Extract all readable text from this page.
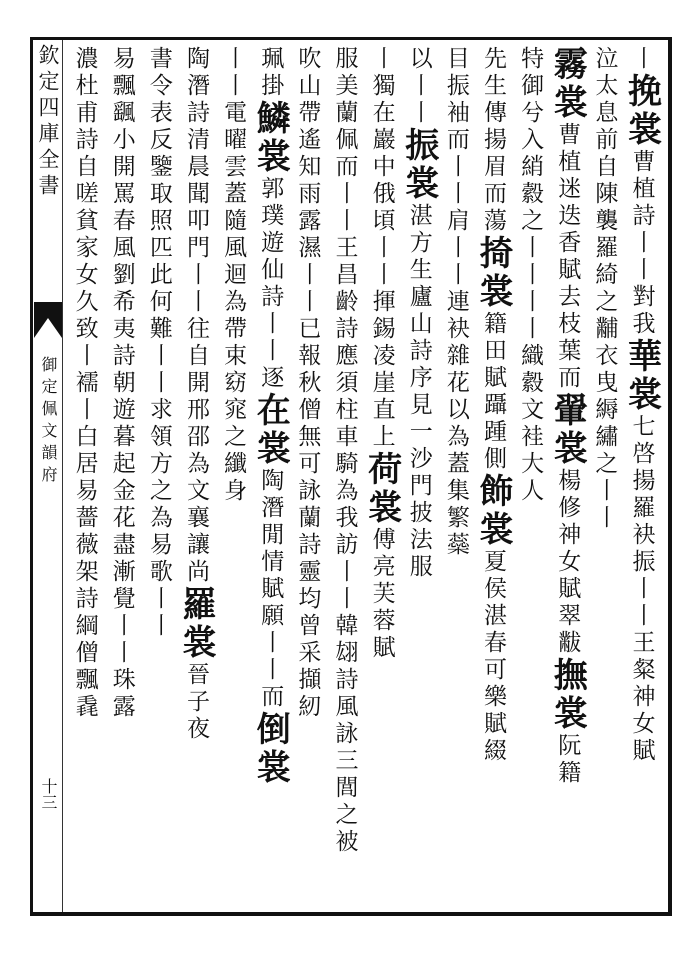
欽定四庫全書
御定佩文韻府
十三
丨挽裳曹植詩丨丨對我華裳七啓揚羅袂振丨丨王粲神女賦
泣太息前自陳襲羅綺之黼衣曳縟繡之丨丨
霧裳曹植迷迭香賦去枝葉而翬裳楊修神女賦翠黻撫裳阮籍
特御兮入綃縠之丨丨丨丨織縠文袿大人
先生傳揚眉而蕩掎裳籍田賦躡踵側飾裳夏侯湛春可樂賦綴
目振袖而丨丨肩丨丨連袂雜花以為蓋集繁蘂
以丨丨振裳湛方生廬山詩序見一沙門披法服
丨獨在巖中俄頃丨丨揮錫凌崖直上荷裳傅亮芙蓉賦
服美蘭佩而丨丨王昌齡詩應須柱車騎為我訪丨丨韓翃詩風詠三閭之被
吹山帶遙知雨露濕丨丨已報秋僧無可詠蘭詩靈均曾采擷紉
珮掛鱗裳郭璞遊仙詩丨丨逐在裳陶潛閒情賦願丨丨而倒裳
丨丨電曜雲蓋隨風迴為帶束窈窕之纖身
陶潛詩清晨聞叩門丨丨往自開邢邵為文襄讓尚羅裳晉子夜
書令表反鑒取照匹此何難丨丨求領方之為易歌丨丨
易飄颻小開罵春風劉希夷詩朝遊暮起金花盡漸覺丨丨珠露
濃杜甫詩自嗟貧家女久致丨襦丨白居易薔薇架詩綱僧飄毳
